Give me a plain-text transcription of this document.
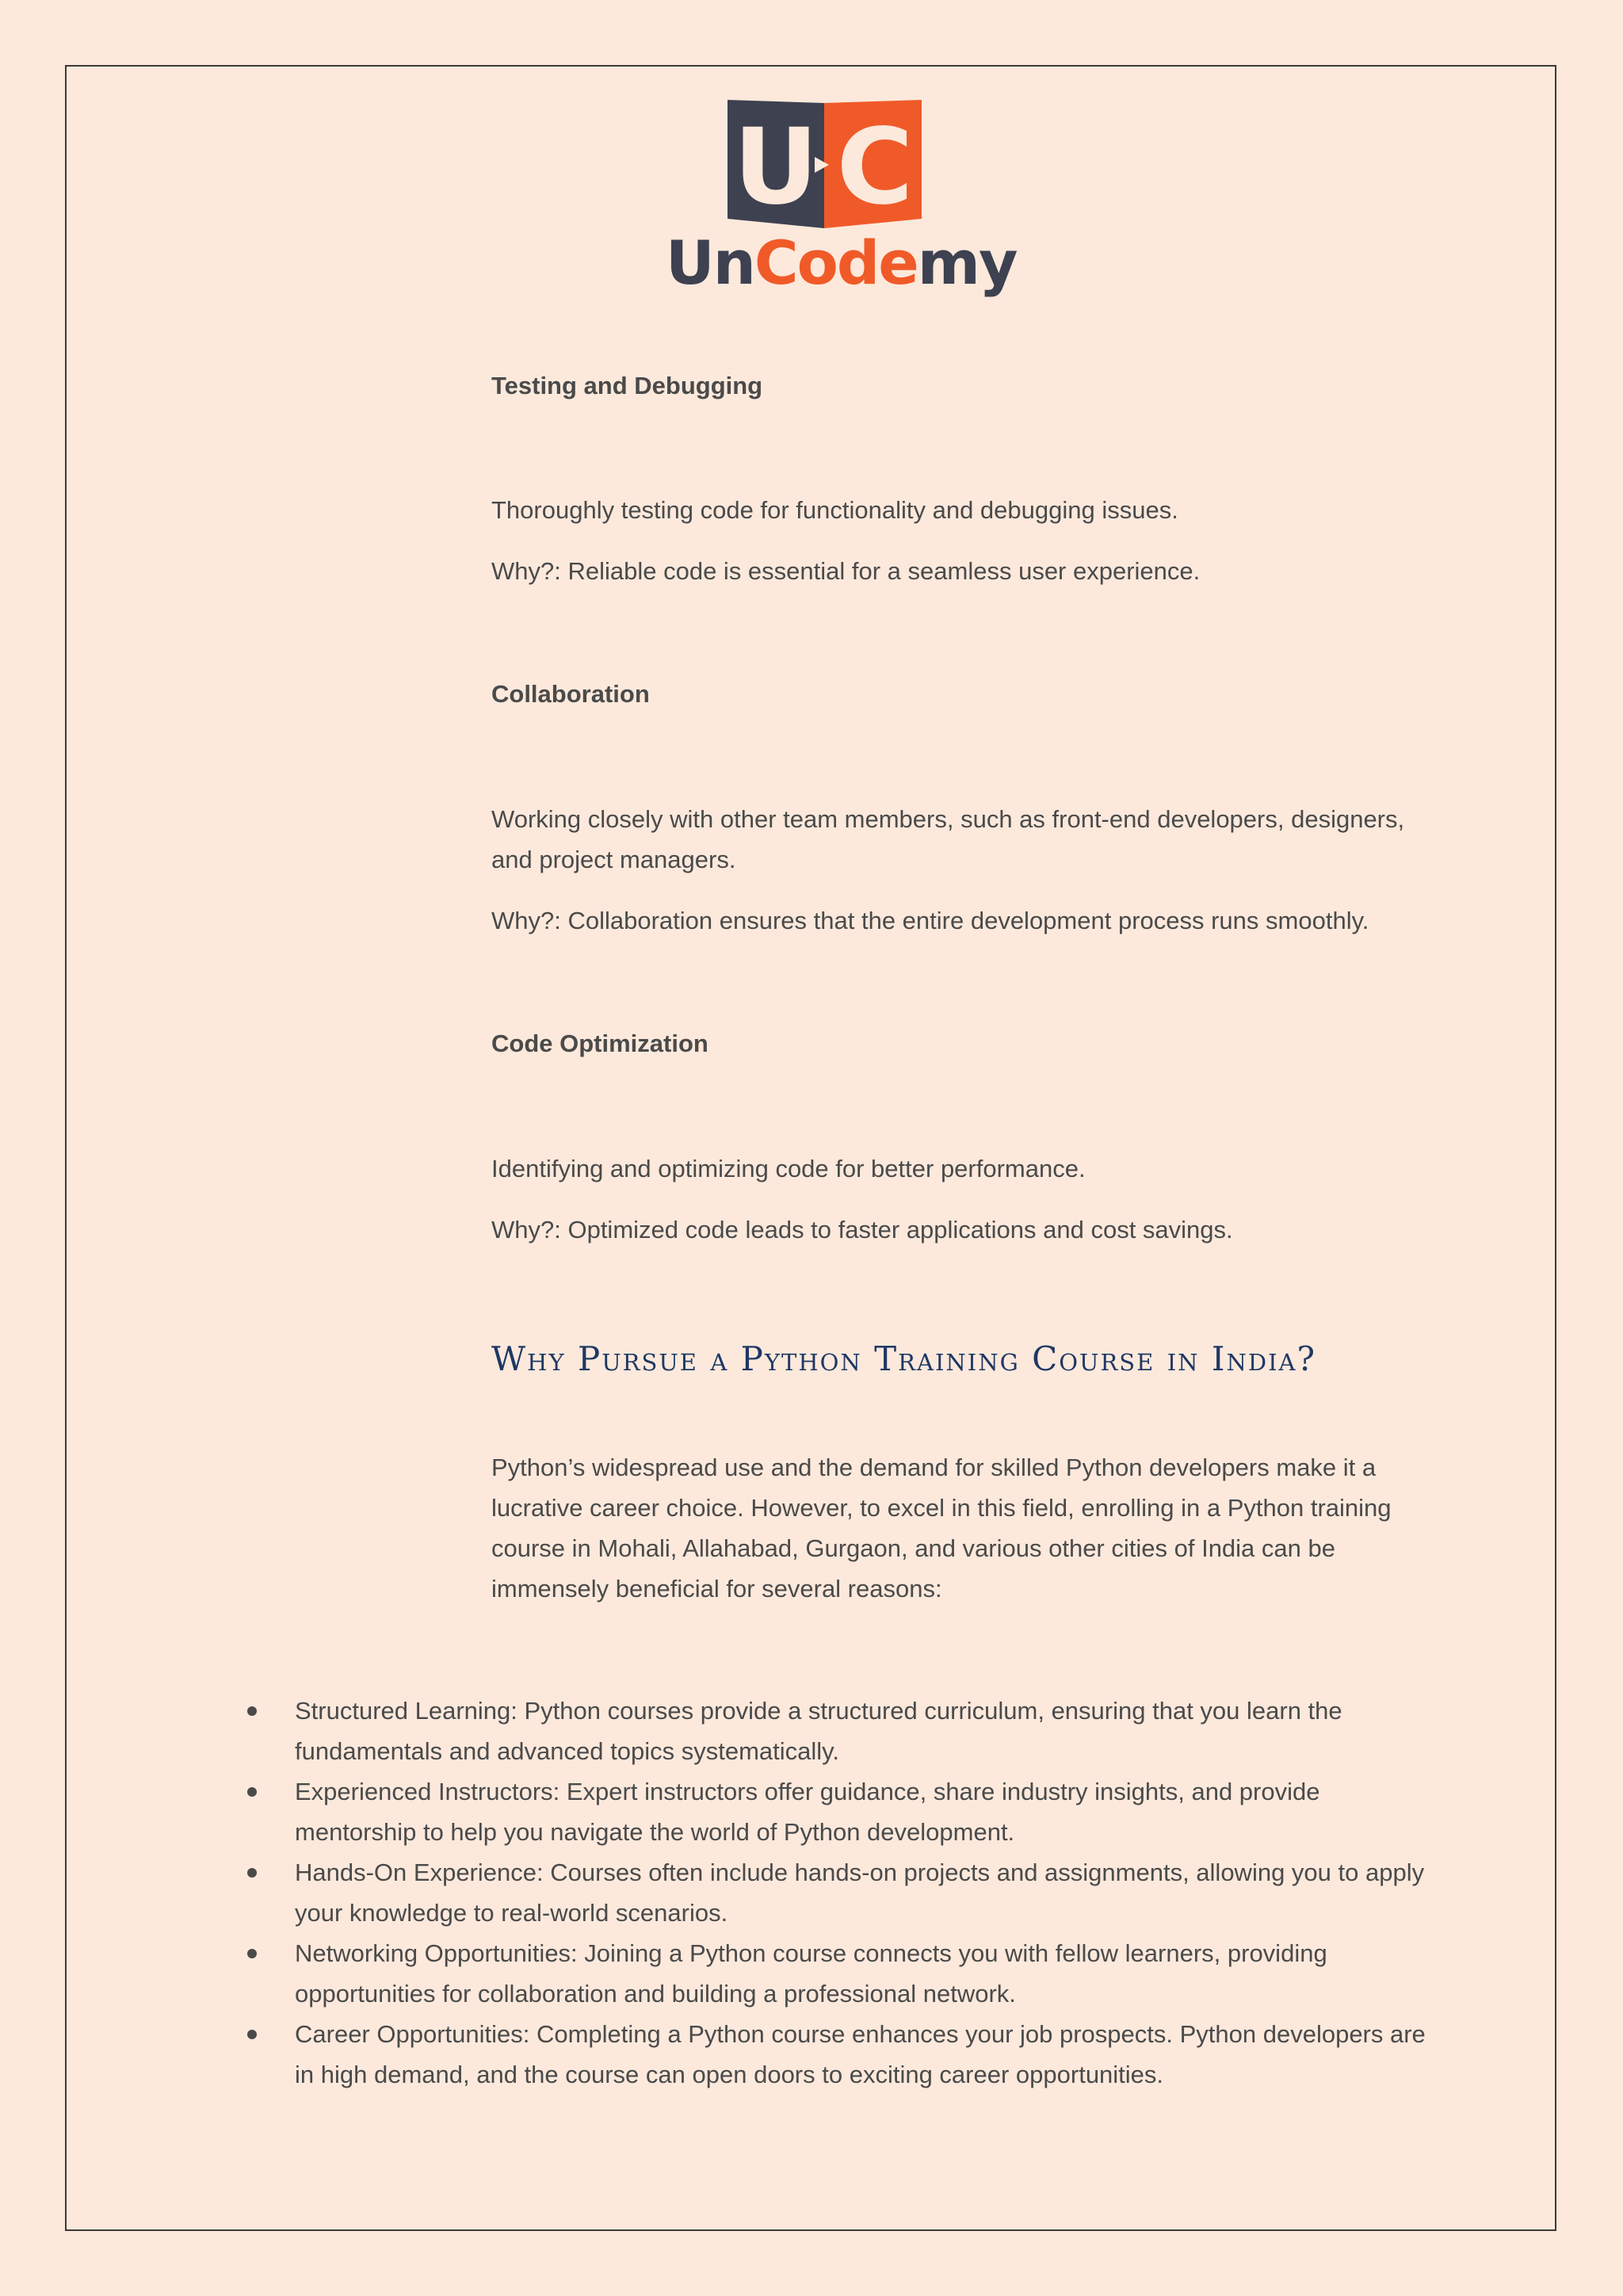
U C
UnCodemy
Testing and Debugging
Thoroughly testing code for functionality and debugging issues.
Why?: Reliable code is essential for a seamless user experience.
Collaboration
Working closely with other team members, such as front-end developers, designers, and project managers.
Why?: Collaboration ensures that the entire development process runs smoothly.
Code Optimization
Identifying and optimizing code for better performance.
Why?: Optimized code leads to faster applications and cost savings.
Why Pursue a Python Training Course in India?
Python’s widespread use and the demand for skilled Python developers make it a lucrative career choice. However, to excel in this field, enrolling in a Python training course in Mohali, Allahabad, Gurgaon, and various other cities of India can be immensely beneficial for several reasons:
Structured Learning: Python courses provide a structured curriculum, ensuring that you learn the fundamentals and advanced topics systematically.
Experienced Instructors: Expert instructors offer guidance, share industry insights, and provide mentorship to help you navigate the world of Python development.
Hands-On Experience: Courses often include hands-on projects and assignments, allowing you to apply your knowledge to real-world scenarios.
Networking Opportunities: Joining a Python course connects you with fellow learners, providing opportunities for collaboration and building a professional network.
Career Opportunities: Completing a Python course enhances your job prospects. Python developers are in high demand, and the course can open doors to exciting career opportunities.
